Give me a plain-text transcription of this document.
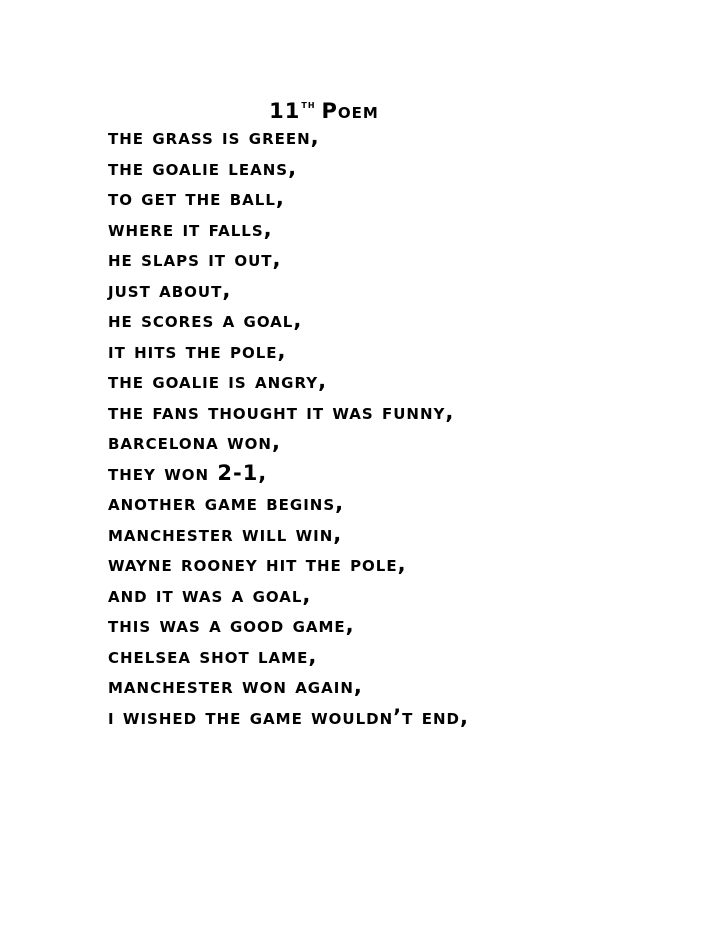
11th Poem
the grass is green,
the goalie leans,
to get the ball,
where it falls,
he slaps it out,
just about,
he scores a goal,
it hits the pole,
the goalie is angry,
the fans thought it was funny,
barcelona won,
they won 2-1,
another game begins,
manchester will win,
wayne rooney hit the pole,
and it was a goal,
this was a good game,
chelsea shot lame,
manchester won again,
i wished the game wouldn’t end,
